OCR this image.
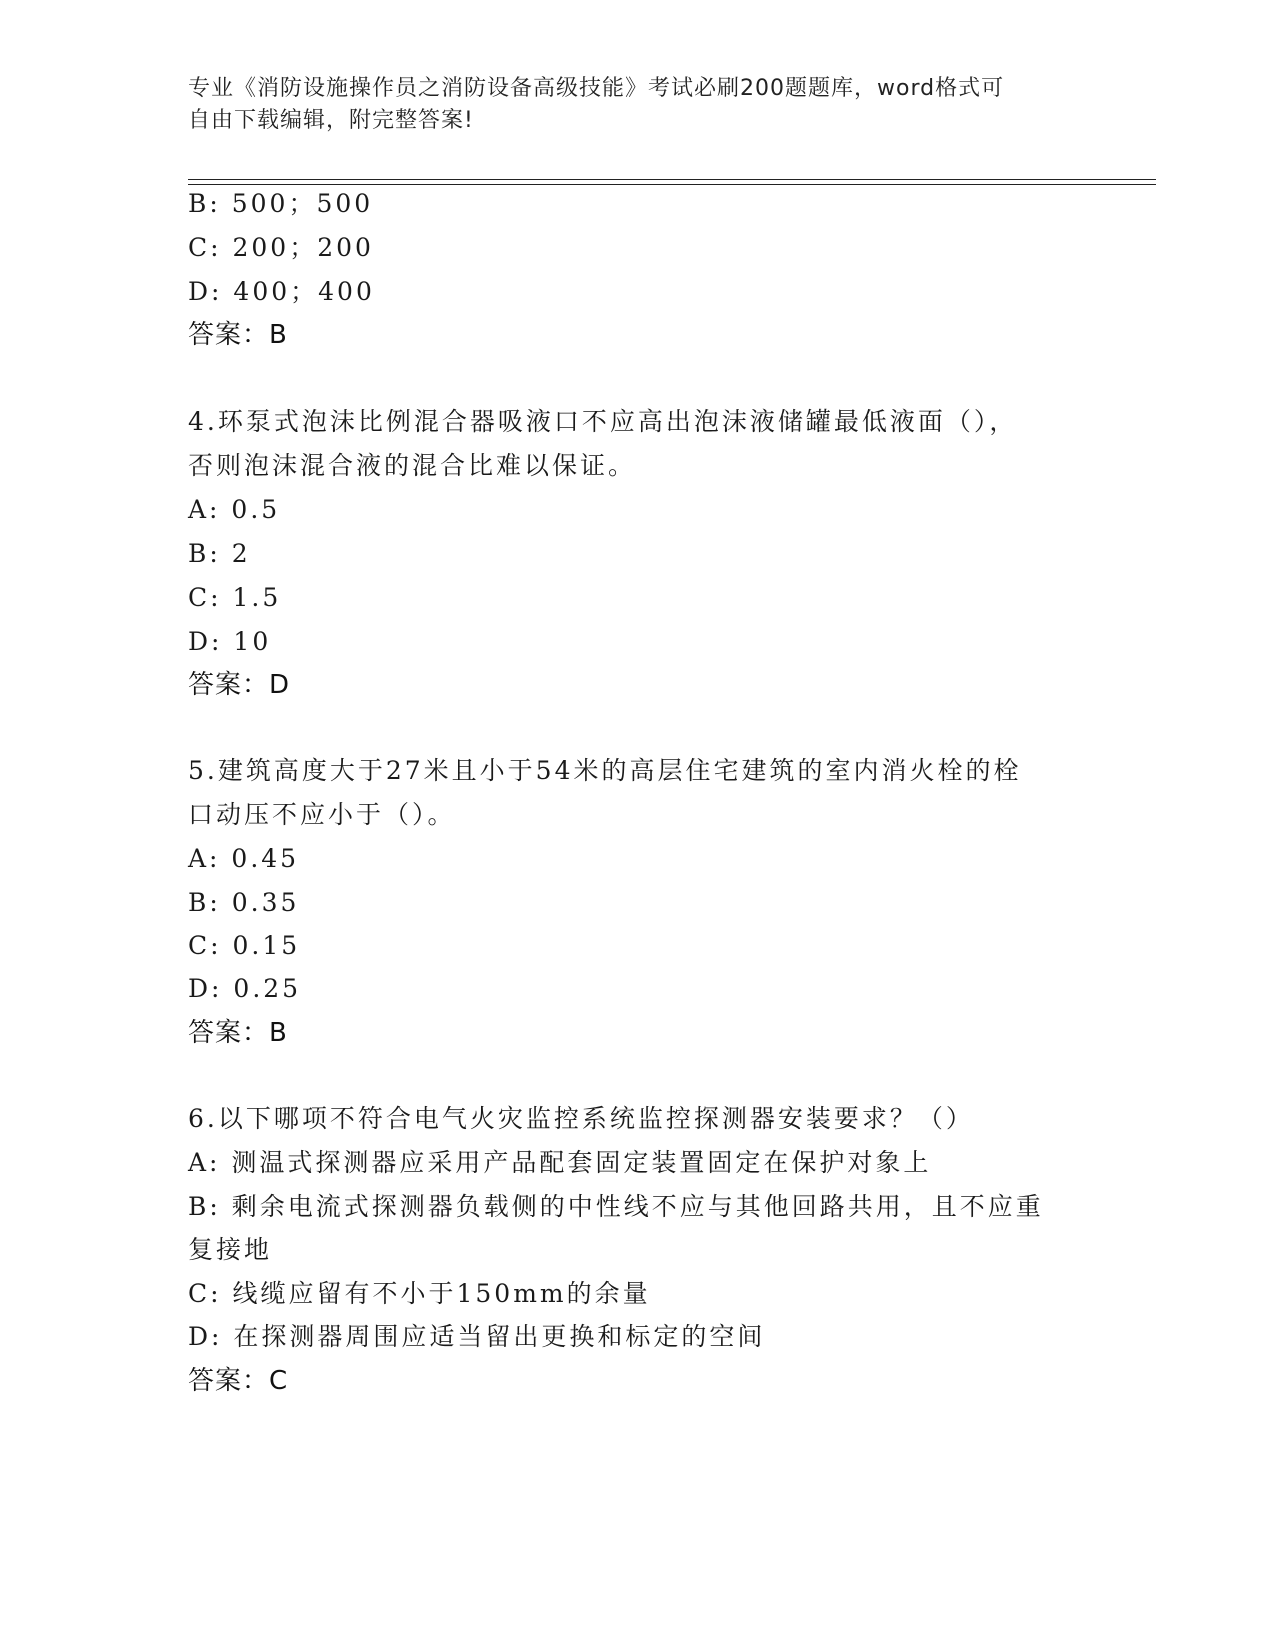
专业《消防设施操作员之消防设备高级技能》考试必刷200题题库，word格式可
自由下载编辑，附完整答案!
B: 500；500
C: 200；200
D: 400；400
答案：B
4.环泵式泡沫比例混合器吸液口不应高出泡沫液储罐最低液面（），
否则泡沫混合液的混合比难以保证。
A: 0.5
B: 2
C: 1.5
D: 10
答案：D
5.建筑高度大于27米且小于54米的高层住宅建筑的室内消火栓的栓
口动压不应小于（）。
A: 0.45
B: 0.35
C: 0.15
D: 0.25
答案：B
6.以下哪项不符合电气火灾监控系统监控探测器安装要求？（）
A: 测温式探测器应采用产品配套固定装置固定在保护对象上
B: 剩余电流式探测器负载侧的中性线不应与其他回路共用，且不应重
复接地
C: 线缆应留有不小于150mm的余量
D: 在探测器周围应适当留出更换和标定的空间
答案：C
